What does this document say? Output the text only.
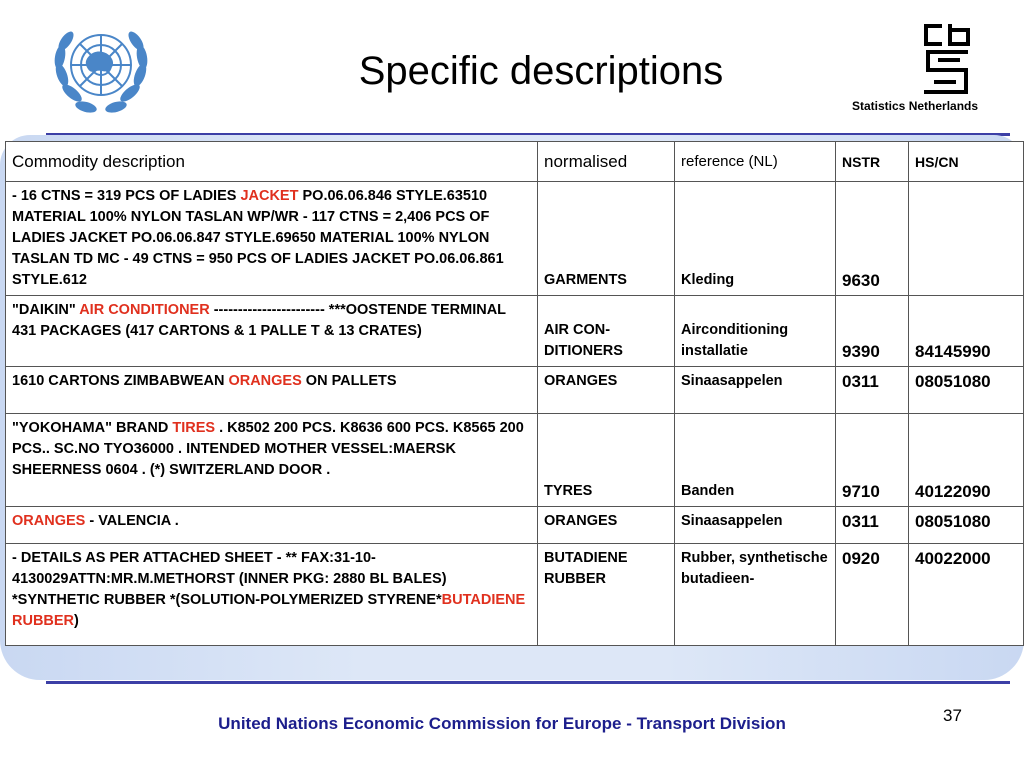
Specific descriptions
Statistics Netherlands
Commodity description	normalised	reference (NL)	NSTR	HS/CN
- 16 CTNS = 319 PCS OF LADIES JACKET PO.06.06.846 STYLE.63510 MATERIAL 100% NYLON TASLAN WP/WR - 117 CTNS = 2,406 PCS OF LADIES JACKET PO.06.06.847 STYLE.69650 MATERIAL 100% NYLON TASLAN TD MC - 49 CTNS = 950 PCS OF LADIES JACKET PO.06.06.861 STYLE.612	GARMENTS	Kleding	9630	
"DAIKIN" AIR CONDITIONER ----------------------- ***OOSTENDE TERMINAL 431 PACKAGES (417 CARTONS & 1 PALLE T & 13 CRATES)	AIR CON-DITIONERS	Airconditioning installatie	9390	84145990
1610 CARTONS ZIMBABWEAN ORANGES ON PALLETS	ORANGES	Sinaasappelen	0311	08051080
"YOKOHAMA" BRAND TIRES . K8502 200 PCS. K8636 600 PCS. K8565 200 PCS.. SC.NO TYO36000 . INTENDED MOTHER VESSEL:MAERSK SHEERNESS 0604 . (*) SWITZERLAND DOOR .	TYRES	Banden	9710	40122090
ORANGES - VALENCIA .	ORANGES	Sinaasappelen	0311	08051080
- DETAILS AS PER ATTACHED SHEET - ** FAX:31-10-4130029ATTN:MR.M.METHORST (INNER PKG: 2880 BL BALES) *SYNTHETIC RUBBER *(SOLUTION-POLYMERIZED STYRENE*BUTADIENE RUBBER)	BUTADIENE RUBBER	Rubber, synthetische butadieen-	0920	40022000
United Nations Economic Commission for Europe - Transport Division	37
